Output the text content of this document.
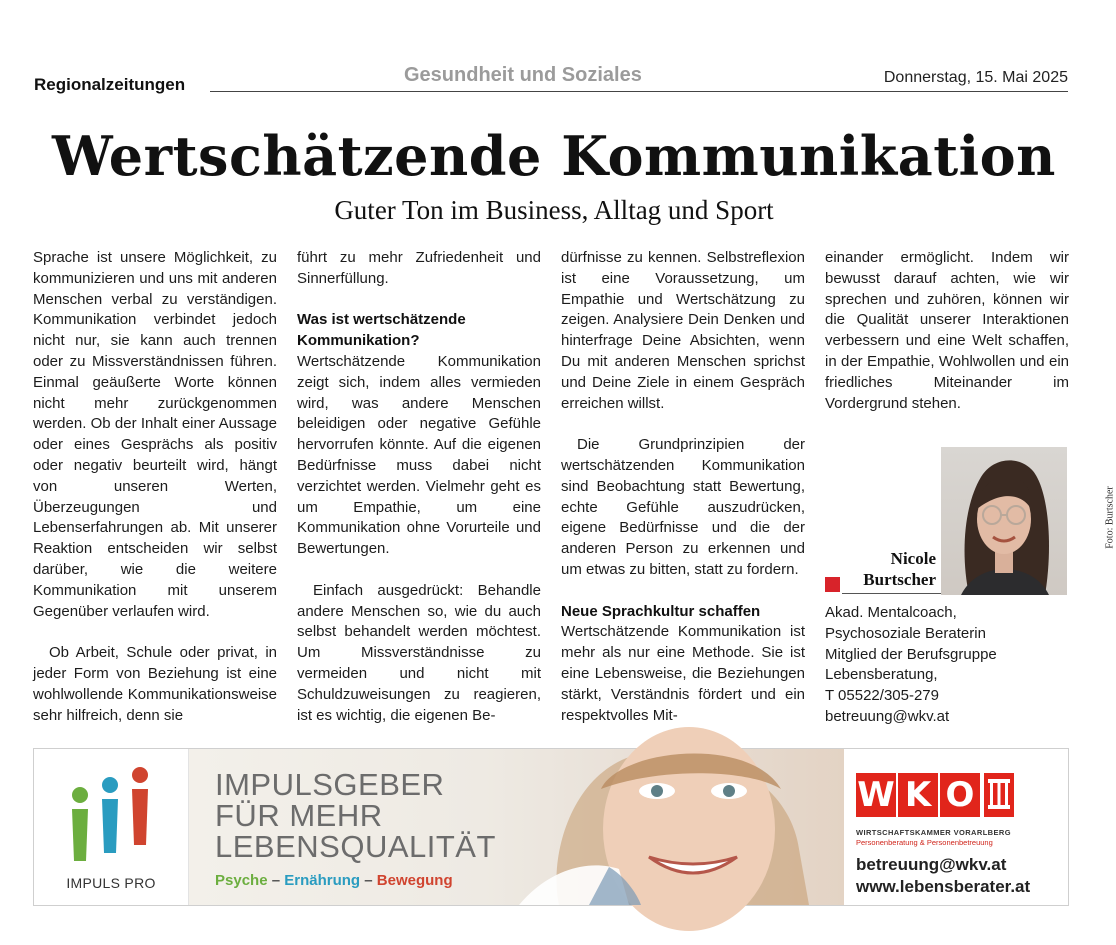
Regionalzeitungen	Gesundheit und Soziales	Donnerstag, 15. Mai 2025
Wertschätzende Kommunikation
Guter Ton im Business, Alltag und Sport

Sprache ist unsere Möglichkeit, zu kommunizieren und uns mit anderen Menschen verbal zu verständigen. Kommunikation verbindet jedoch nicht nur, sie kann auch trennen oder zu Missverständnissen führen. Einmal geäußerte Worte können nicht mehr zurückgenommen werden. Ob der Inhalt einer Aussage oder eines Gesprächs als positiv oder negativ beurteilt wird, hängt von unseren Werten, Überzeugungen und Lebenserfahrungen ab. Mit unserer Reaktion entscheiden wir selbst darüber, wie die weitere Kommunikation mit unserem Gegenüber verlaufen wird.

Ob Arbeit, Schule oder privat, in jeder Form von Beziehung ist eine wohlwollende Kommunikationsweise sehr hilfreich, denn sie

führt zu mehr Zufriedenheit und Sinnerfüllung.

Was ist wertschätzende Kommunikation?

Wertschätzende Kommunikation zeigt sich, indem alles vermieden wird, was andere Menschen beleidigen oder negative Gefühle hervorrufen könnte. Auf die eigenen Bedürfnisse muss dabei nicht verzichtet werden. Vielmehr geht es um Empathie, um eine Kommunikation ohne Vorurteile und Bewertungen.

Einfach ausgedrückt: Behandle andere Menschen so, wie du auch selbst behandelt werden möchtest. Um Missverständnisse zu vermeiden und nicht mit Schuldzuweisungen zu reagieren, ist es wichtig, die eigenen Be-

dürfnisse zu kennen. Selbstreflexion ist eine Voraussetzung, um Empathie und Wertschätzung zu zeigen. Analysiere Dein Denken und hinterfrage Deine Absichten, wenn Du mit anderen Menschen sprichst und Deine Ziele in einem Gespräch erreichen willst.

Die Grundprinzipien der wertschätzenden Kommunikation sind Beobachtung statt Bewertung, echte Gefühle auszudrücken, eigene Bedürfnisse und die der anderen Person zu erkennen und um etwas zu bitten, statt zu fordern.

Neue Sprachkultur schaffen

Wertschätzende Kommunikation ist mehr als nur eine Methode. Sie ist eine Lebensweise, die Beziehungen stärkt, Verständnis fördert und ein respektvolles Mit-

einander ermöglicht. Indem wir bewusst darauf achten, wie wir sprechen und zuhören, können wir die Qualität unserer Interaktionen verbessern und eine Welt schaffen, in der Empathie, Wohlwollen und ein friedliches Miteinander im Vordergrund stehen.

Nicole
Burtscher
Foto: Burtscher
Akad. Mentalcoach,
Psychosoziale Beraterin
Mitglied der Berufsgruppe
Lebensberatung,
T 05522/305-279
betreuung@wkv.at
IMPULS PRO
IMPULSGEBER
FÜR MEHR
LEBENSQUALITÄT
Psyche – Ernährung – Bewegung
W K O
WIRTSCHAFTSKAMMER VORARLBERG
Personenberatung & Personenbetreuung
betreuung@wkv.at
www.lebensberater.at
